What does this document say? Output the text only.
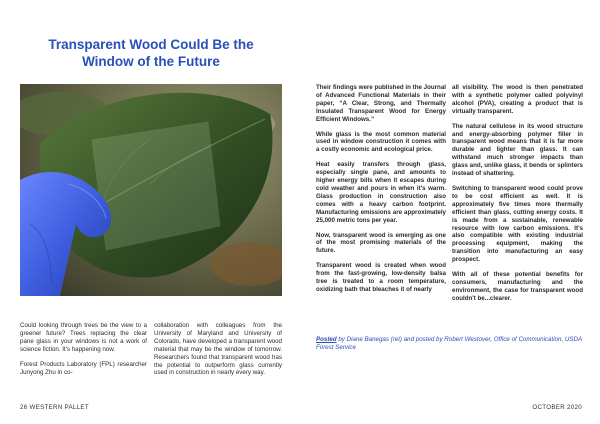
Transparent Wood Could Be the
Window of the Future

Could looking through trees be the view to a greener future? Trees replacing the clear pane glass in your windows is not a work of science fiction. It's happening now.

Forest Products Laboratory (FPL) researcher Junyong Zhu in co-

collaboration with colleagues from the University of Maryland and University of Colorado, have developed a transparent wood material that may be the window of tomorrow. Researchers found that transparent wood has the potential to outperform glass currently used in construction in nearly every way.

26 WESTERN PALLET

Their findings were published in the Journal of Advanced Functional Materials in their paper, “A Clear, Strong, and Thermally Insulated Transparent Wood for Energy Efficient Windows.”

While glass is the most common material used in window construction it comes with a costly economic and ecological price.

Heat easily transfers through glass, especially single pane, and amounts to higher energy bills when it escapes during cold weather and pours in when it's warm. Glass production in construction also comes with a heavy carbon footprint. Manufacturing emissions are approximately 25,000 metric tons per year.

Now, transparent wood is emerging as one of the most promising materials of the future.

Transparent wood is created when wood from the fast-growing, low-density balsa tree is treated to a room temperature, oxidizing bath that bleaches it of nearly

all visibility. The wood is then penetrated with a synthetic polymer called polyvinyl alcohol (PVA), creating a product that is virtually transparent.

The natural cellulose in its wood structure and energy-absorbing polymer filler in transparent wood means that it is far more durable and lighter than glass. It can withstand much stronger impacts than glass and, unlike glass, it bends or splinters instead of shattering.

Switching to transparent wood could prove to be cost efficient as well. It is approximately five times more thermally efficient than glass, cutting energy costs. It is made from a sustainable, renewable resource with low carbon emissions. It's also compatible with existing industrial processing equipment, making the transition into manufacturing an easy prospect.

With all of these potential benefits for consumers, manufacturing and the environment, the case for transparent wood couldn't be...clearer.

Posted by Diane Banegas (ret) and posted by Robert Westover, Office of Communication, USDA Forest Service
OCTOBER 2020
